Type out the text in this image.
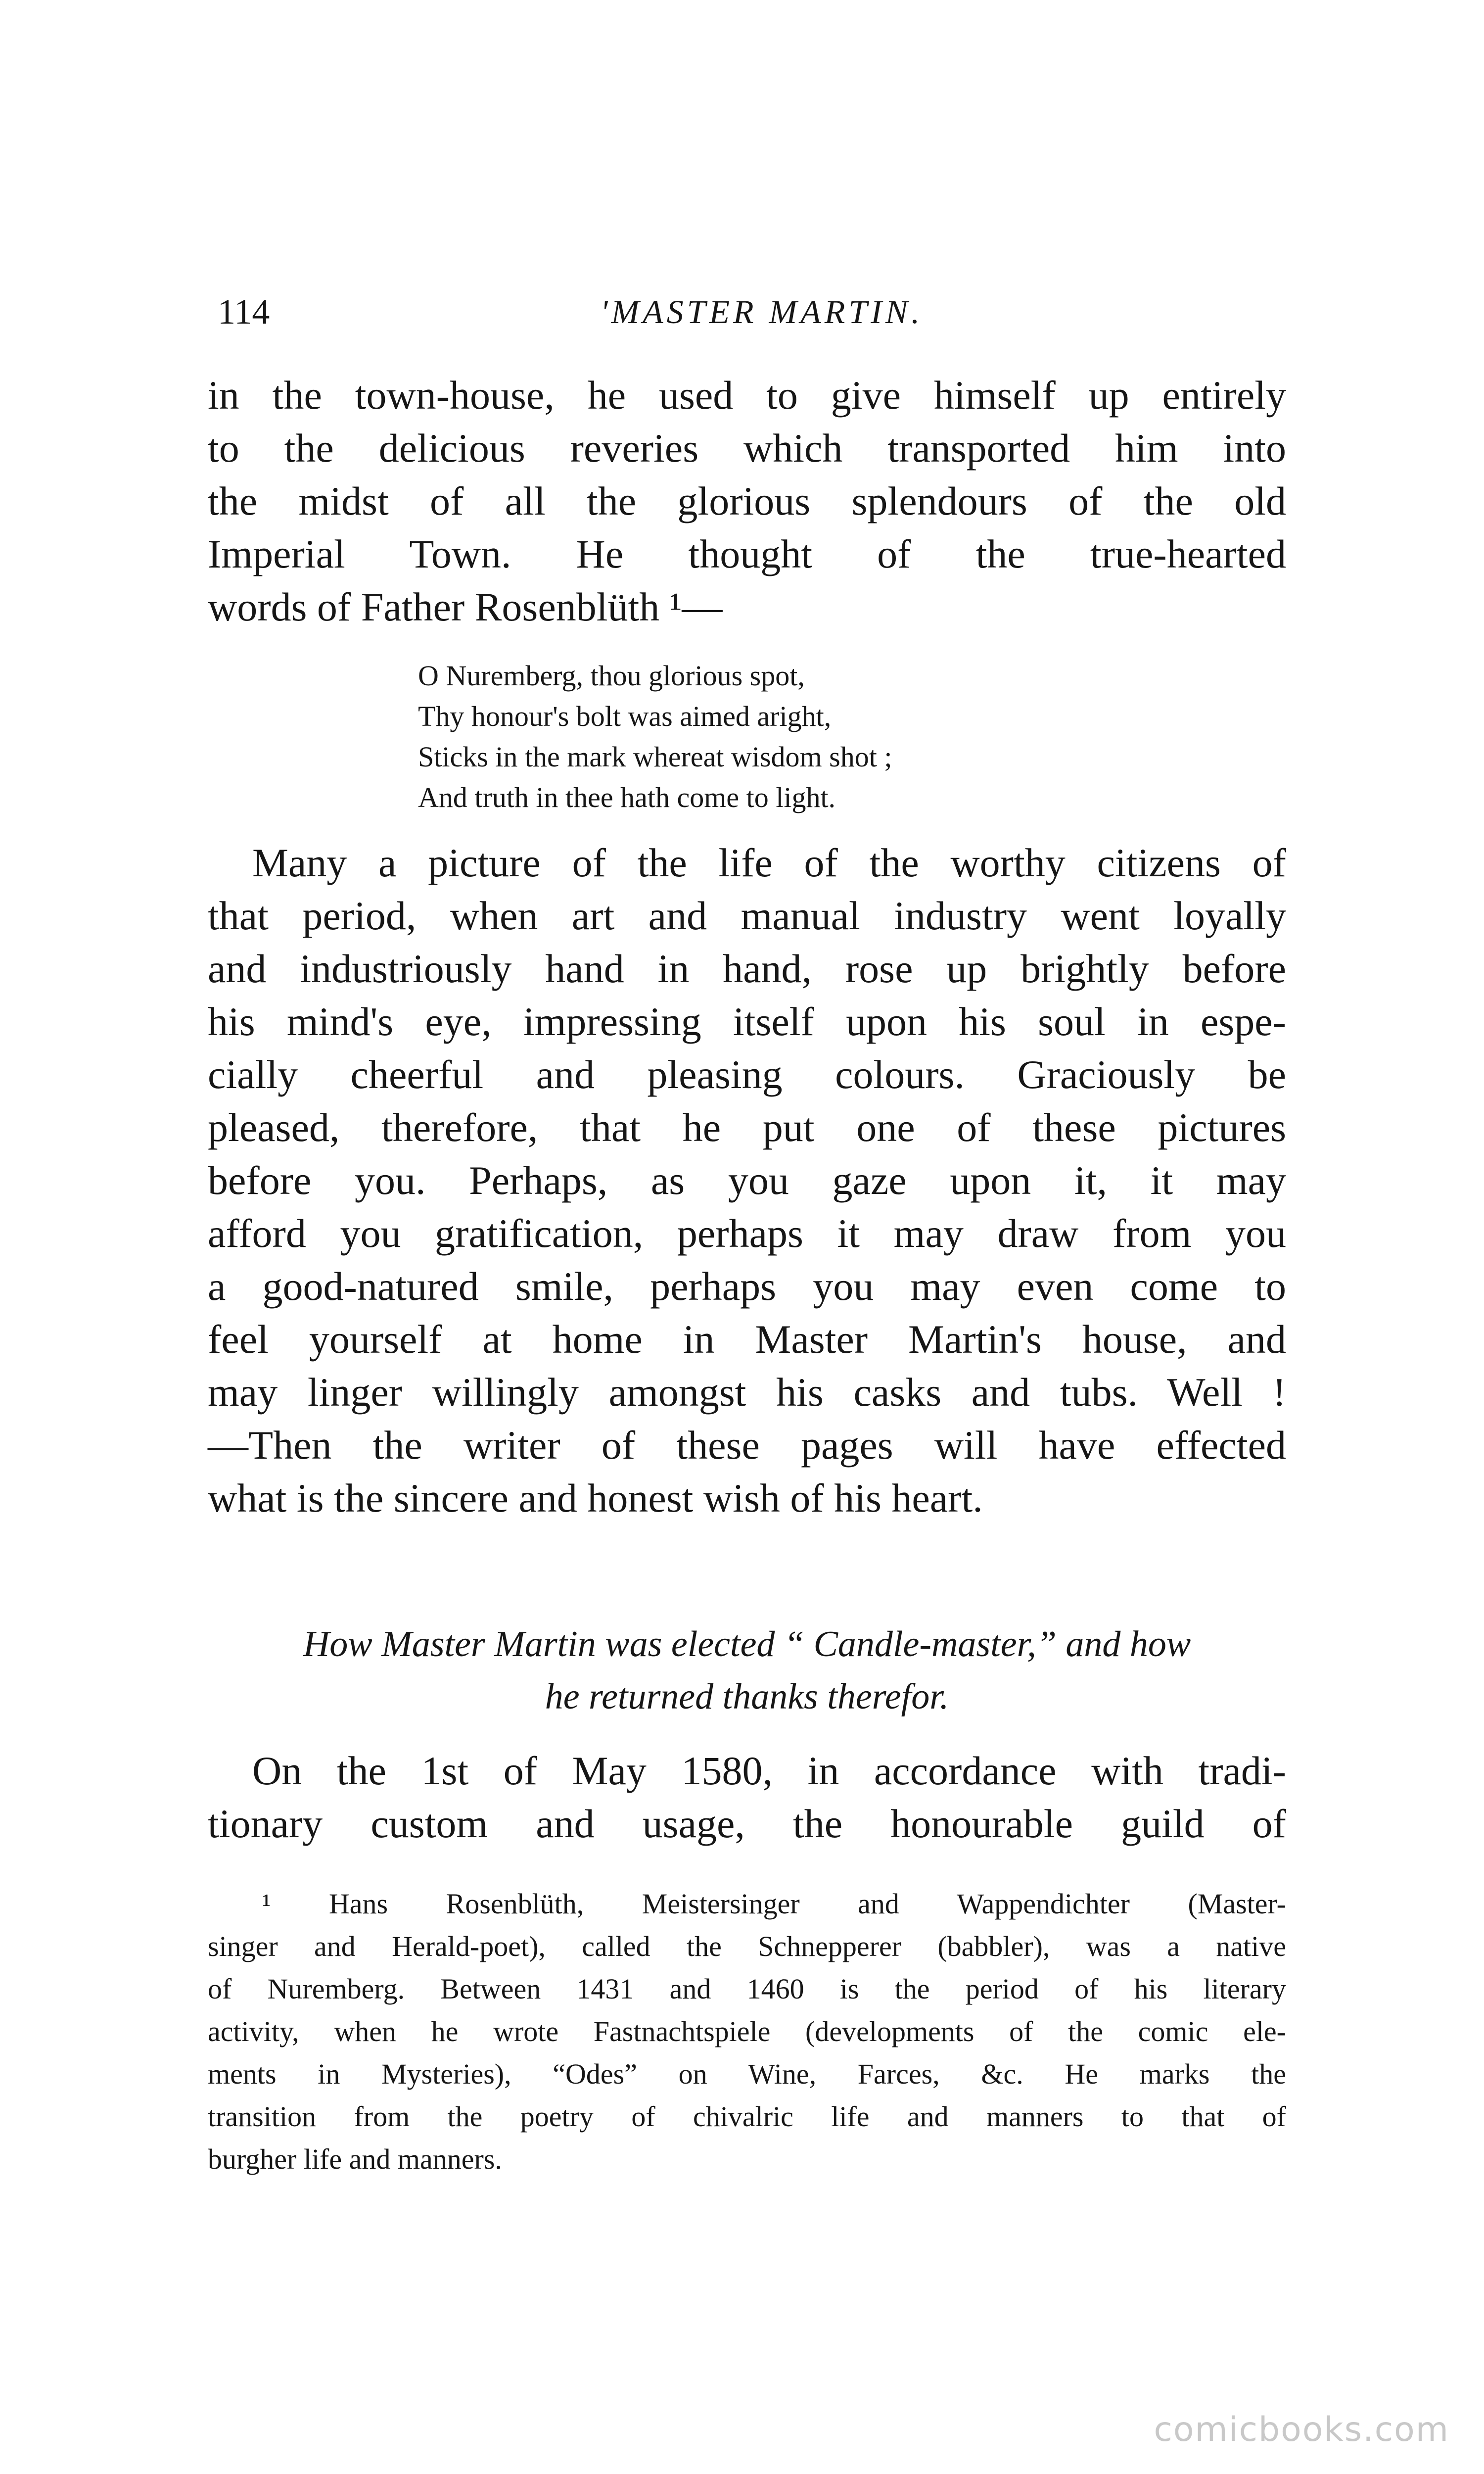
114	'MASTER MARTIN.
in the town-house, he used to give himself up entirely
to the delicious reveries which transported him into
the midst of all the glorious splendours of the old
Imperial Town. He thought of the true-hearted
words of Father Rosenblüth ¹—
O Nuremberg, thou glorious spot,
Thy honour's bolt was aimed aright,
Sticks in the mark whereat wisdom shot ;
And truth in thee hath come to light.
Many a picture of the life of the worthy citizens of
that period, when art and manual industry went loyally
and industriously hand in hand, rose up brightly before
his mind's eye, impressing itself upon his soul in espe-
cially cheerful and pleasing colours. Graciously be
pleased, therefore, that he put one of these pictures
before you. Perhaps, as you gaze upon it, it may
afford you gratification, perhaps it may draw from you
a good-natured smile, perhaps you may even come to
feel yourself at home in Master Martin's house, and
may linger willingly amongst his casks and tubs. Well !
—Then the writer of these pages will have effected
what is the sincere and honest wish of his heart.
How Master Martin was elected “ Candle-master,” and how
he returned thanks therefor.
On the 1st of May 1580, in accordance with tradi-
tionary custom and usage, the honourable guild of
¹ Hans Rosenblüth, Meistersinger and Wappendichter (Master-
singer and Herald-poet), called the Schnepperer (babbler), was a native
of Nuremberg. Between 1431 and 1460 is the period of his literary
activity, when he wrote Fastnachtspiele (developments of the comic ele-
ments in Mysteries), “Odes” on Wine, Farces, &c. He marks the
transition from the poetry of chivalric life and manners to that of
burgher life and manners.
comicbooks.com
